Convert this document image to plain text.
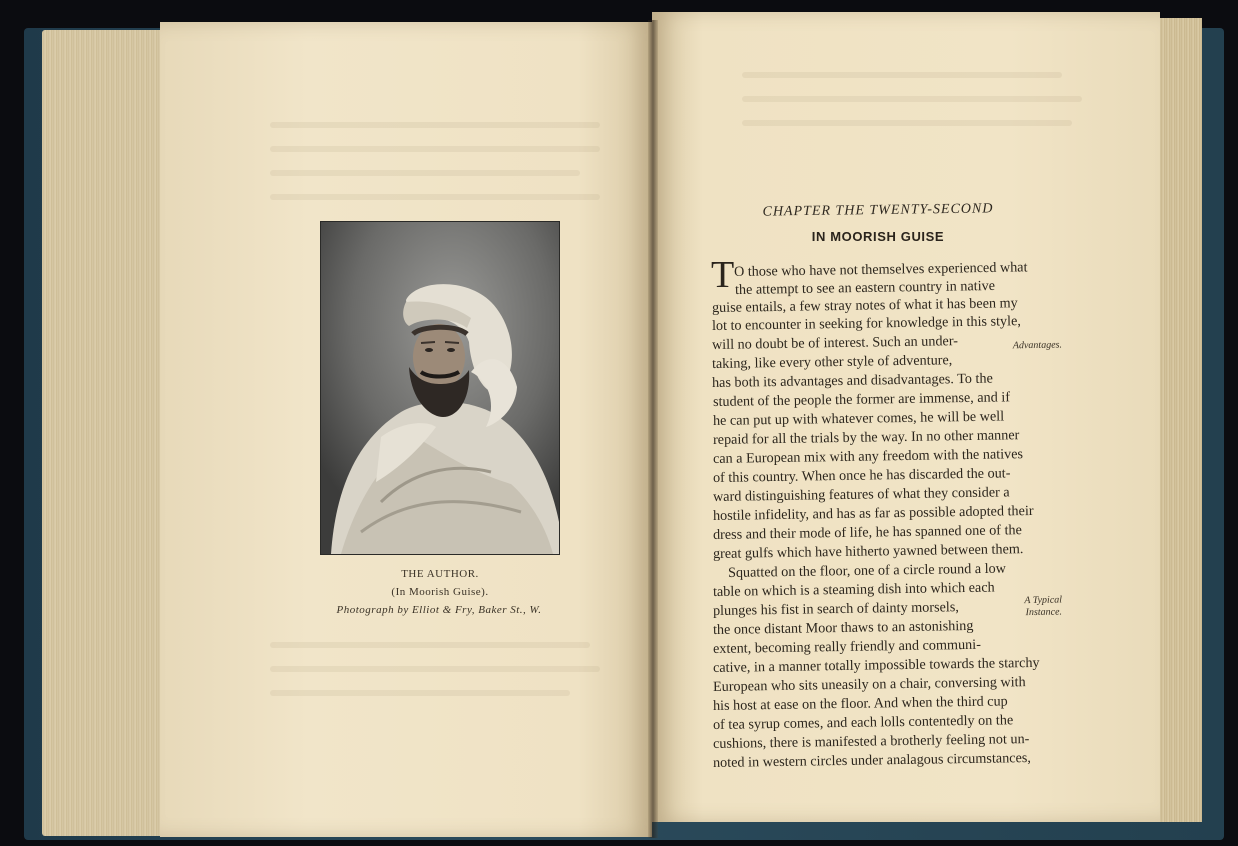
THE AUTHOR.
(In Moorish Guise).
Photograph by Elliot & Fry, Baker St., W.
CHAPTER THE TWENTY-SECOND
IN MOORISH GUISE
T O those who have not themselves experienced what
the attempt to see an eastern country in native
guise entails, a few stray notes of what it has been my
lot to encounter in seeking for knowledge in this style,
will no doubt be of interest. Such an under-
taking, like every other style of adventure,
has both its advantages and disadvantages. To the
student of the people the former are immense, and if
he can put up with whatever comes, he will be well
repaid for all the trials by the way. In no other manner
can a European mix with any freedom with the natives
of this country. When once he has discarded the out-
ward distinguishing features of what they consider a
hostile infidelity, and has as far as possible adopted their
dress and their mode of life, he has spanned one of the
great gulfs which have hitherto yawned between them.
Squatted on the floor, one of a circle round a low
table on which is a steaming dish into which each
plunges his fist in search of dainty morsels,
the once distant Moor thaws to an astonishing
extent, becoming really friendly and communi-
cative, in a manner totally impossible towards the starchy
European who sits uneasily on a chair, conversing with
his host at ease on the floor. And when the third cup
of tea syrup comes, and each lolls contentedly on the
cushions, there is manifested a brotherly feeling not un-
noted in western circles under analagous circumstances,
Advantages.
A Typical
Instance.
